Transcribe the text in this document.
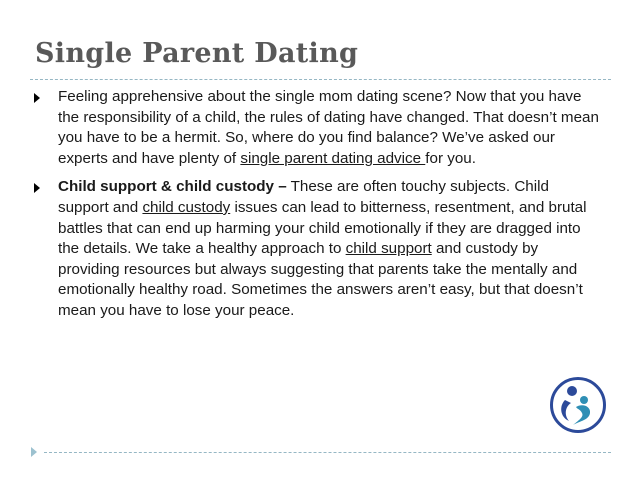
Single Parent Dating
Feeling apprehensive about the single mom dating scene? Now that you have the responsibility of a child, the rules of dating have changed. That doesn’t mean you have to be a hermit. So, where do you find balance? We’ve asked our experts and have plenty of single parent dating advice for you.
Child support & child custody – These are often touchy subjects. Child support and child custody issues can lead to bitterness, resentment, and brutal battles that can end up harming your child emotionally if they are dragged into the details. We take a healthy approach to child support and custody by providing resources but always suggesting that parents take the mentally and emotionally healthy road. Sometimes the answers aren’t easy, but that doesn’t mean you have to lose your peace.
